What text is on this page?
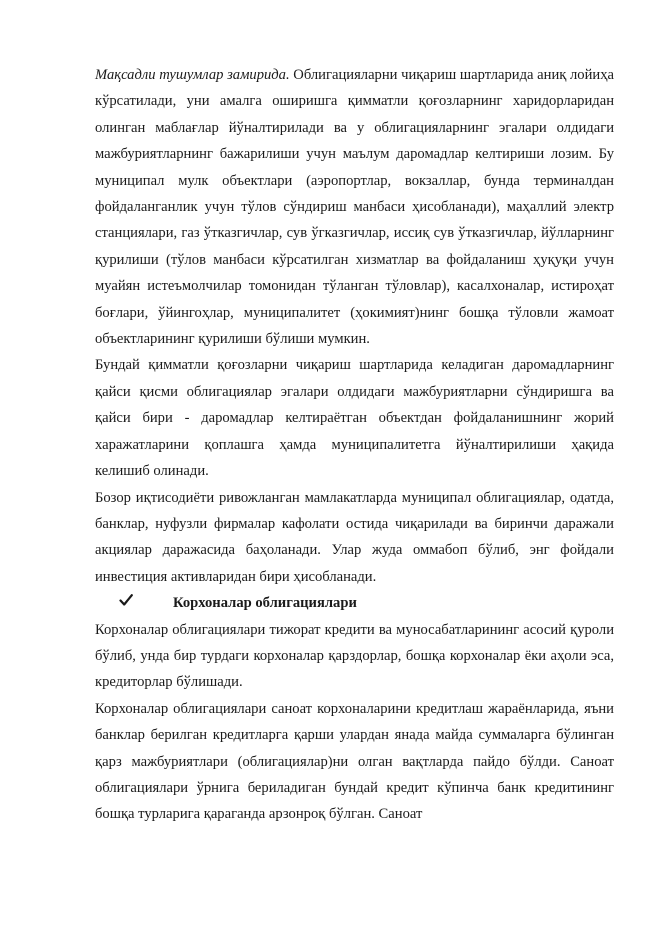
Мақсадли тушумлар замирида. Облигацияларни чиқариш шартларида аниқ лойиҳа кўрсатилади, уни амалга оширишга қимматли қоғозларнинг харидорларидан олинган маблағлар йўналтирилади ва у облигацияларнинг эгалари олдидаги мажбуриятларнинг бажарилиши учун маълум даромадлар келтириши лозим. Бу муниципал мулк объектлари (аэропортлар, вокзаллар, бунда терминалдан фойдаланганлик учун тўлов сўндириш манбаси ҳисобланади), маҳаллий электр станциялари, газ ўтказгичлар, сув ўгказгичлар, иссиқ сув ўтказгичлар, йўлларнинг қурилиши (тўлов манбаси кўрсатилган хизматлар ва фойдаланиш ҳуқуқи учун муайян истеъмолчилар томонидан тўланган тўловлар), касалхоналар, истироҳат боғлари, ўйингоҳлар, муниципалитет (ҳокимият)нинг бошқа тўловли жамоат объектларининг қурилиши бўлиши мумкин.

Бундай қимматли қоғозларни чиқариш шартларида келадиган даромадларнинг қайси қисми облигациялар эгалари олдидаги мажбуриятларни сўндиришга ва қайси бири - даромадлар келтираётган объектдан фойдаланишнинг жорий харажатларини қоплашга ҳамда муниципалитетга йўналтирилиши ҳақида келишиб олинади.

Бозор иқтисодиёти ривожланган мамлакатларда муниципал облигациялар, одатда, банклар, нуфузли фирмалар кафолати остида чиқарилади ва биринчи даражали акциялар даражасида баҳоланади. Улар жуда оммабоп бўлиб, энг фойдали инвестиция активларидан бири ҳисобланади.

Корхоналар облигациялари

Корхоналар облигациялари тижорат кредити ва муносабатларининг асосий қуроли бўлиб, унда бир турдаги корхоналар қарздорлар, бошқа корхоналар ёки аҳоли эса, кредиторлар бўлишади.

Корхоналар облигациялари саноат корхоналарини кредитлаш жараёнларида, яъни банклар берилган кредитларга қарши улардан янада майда суммаларга бўлинган қарз мажбуриятлари (облигациялар)ни олган вақтларда пайдо бўлди. Саноат облигациялари ўрнига бериладиган бундай кредит кўпинча банк кредитининг бошқа турларига қараганда арзонроқ бўлган. Саноат
